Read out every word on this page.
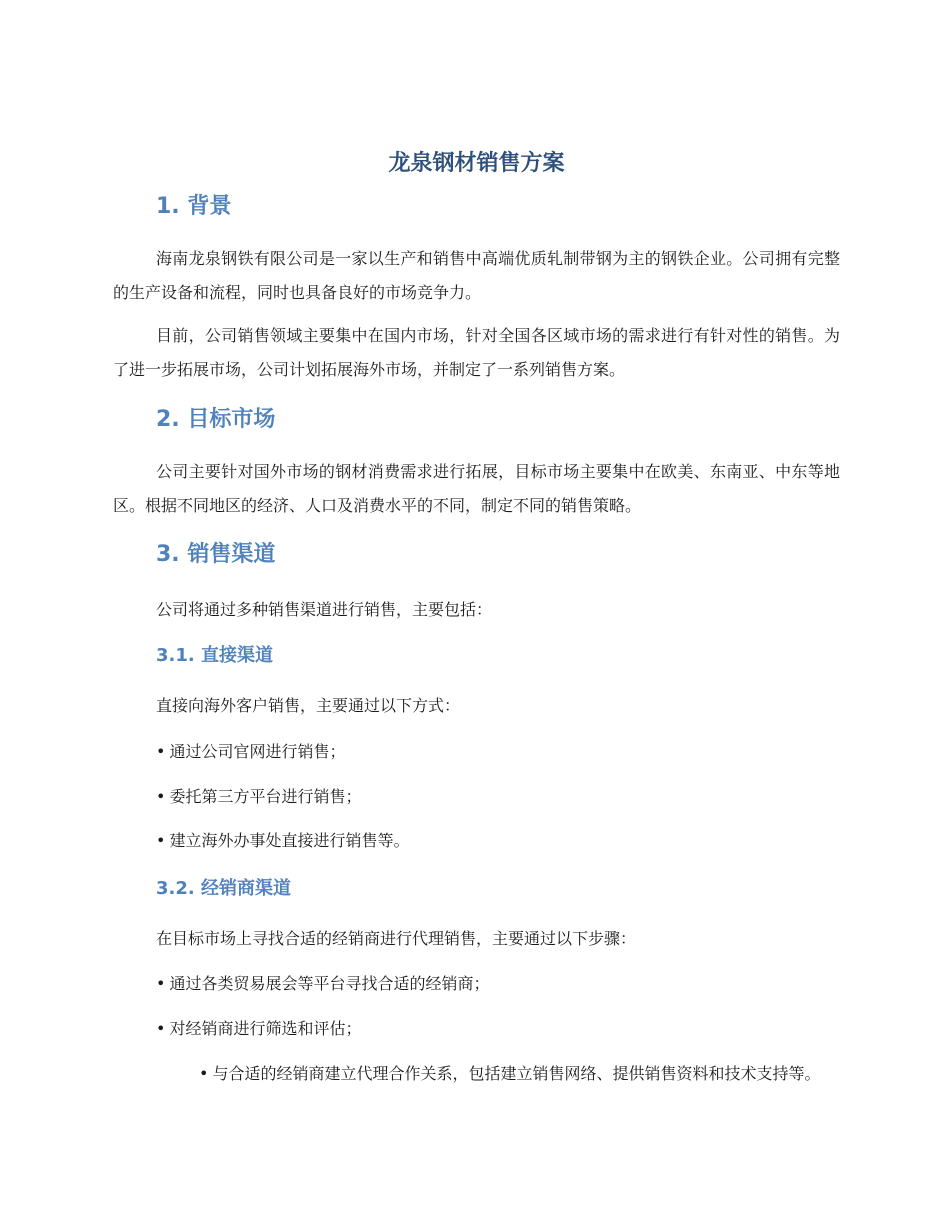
龙泉钢材销售方案
1. 背景

海南龙泉钢铁有限公司是一家以生产和销售中高端优质轧制带钢为主的钢铁企业。公司拥有完整的生产设备和流程，同时也具备良好的市场竞争力。

目前，公司销售领域主要集中在国内市场，针对全国各区域市场的需求进行有针对性的销售。为了进一步拓展市场，公司计划拓展海外市场，并制定了一系列销售方案。

2. 目标市场

公司主要针对国外市场的钢材消费需求进行拓展，目标市场主要集中在欧美、东南亚、中东等地区。根据不同地区的经济、人口及消费水平的不同，制定不同的销售策略。

3. 销售渠道

公司将通过多种销售渠道进行销售，主要包括：

3.1. 直接渠道

直接向海外客户销售，主要通过以下方式：

• 通过公司官网进行销售；

• 委托第三方平台进行销售；

• 建立海外办事处直接进行销售等。

3.2. 经销商渠道

在目标市场上寻找合适的经销商进行代理销售，主要通过以下步骤：

• 通过各类贸易展会等平台寻找合适的经销商；

• 对经销商进行筛选和评估；

• 与合适的经销商建立代理合作关系，包括建立销售网络、提供销售资料和技术支持等。
